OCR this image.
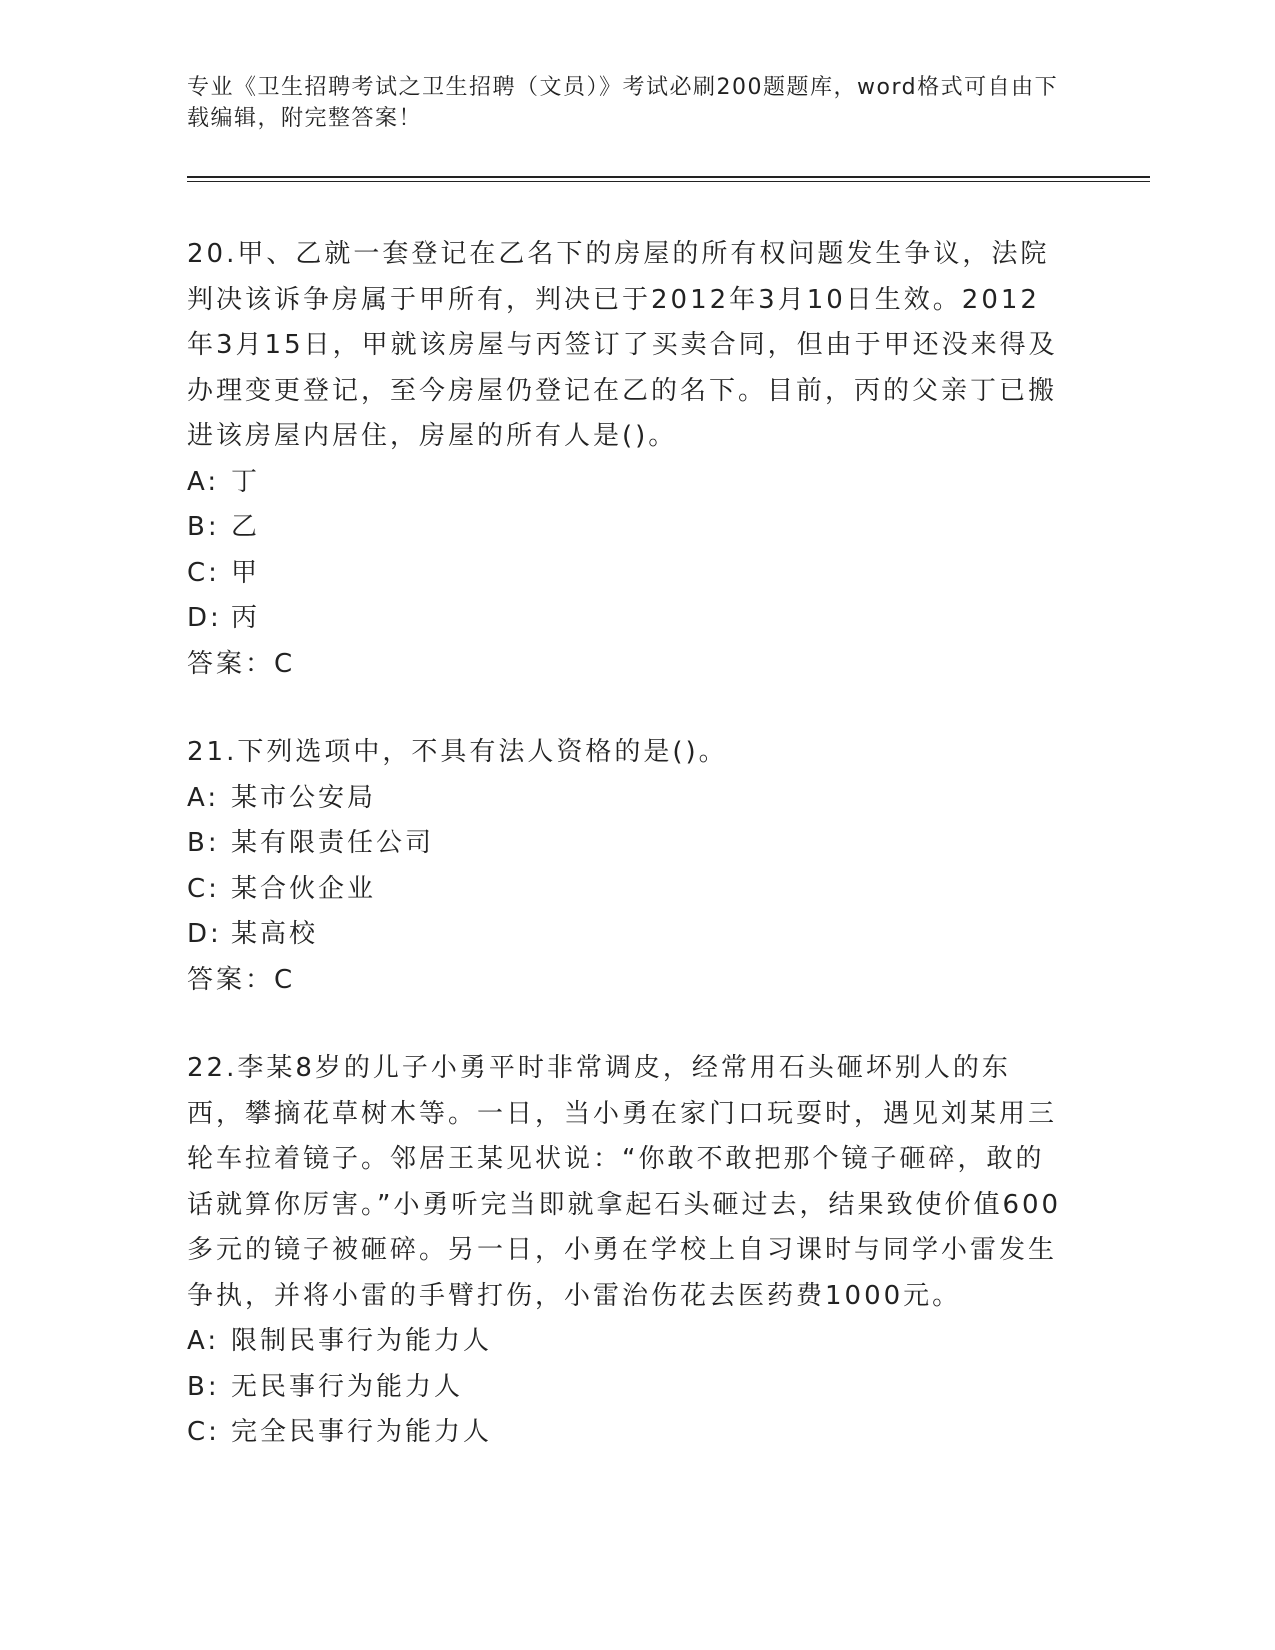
专业《卫生招聘考试之卫生招聘（文员）》考试必刷200题题库，word格式可自由下载编辑，附完整答案！

20.甲、乙就一套登记在乙名下的房屋的所有权问题发生争议，法院判决该诉争房属于甲所有，判决已于2012年3月10日生效。2012年3月15日，甲就该房屋与丙签订了买卖合同，但由于甲还没来得及办理变更登记，至今房屋仍登记在乙的名下。目前，丙的父亲丁已搬进该房屋内居住，房屋的所有人是()。

A: 丁

B: 乙

C: 甲

D: 丙

答案：C

21.下列选项中，不具有法人资格的是()。

A: 某市公安局

B: 某有限责任公司

C: 某合伙企业

D: 某高校

答案：C

22.李某8岁的儿子小勇平时非常调皮，经常用石头砸坏别人的东西，攀摘花草树木等。一日，当小勇在家门口玩耍时，遇见刘某用三轮车拉着镜子。邻居王某见状说：“你敢不敢把那个镜子砸碎，敢的话就算你厉害。”小勇听完当即就拿起石头砸过去，结果致使价值600多元的镜子被砸碎。另一日，小勇在学校上自习课时与同学小雷发生争执，并将小雷的手臂打伤，小雷治伤花去医药费1000元。

A: 限制民事行为能力人

B: 无民事行为能力人

C: 完全民事行为能力人
